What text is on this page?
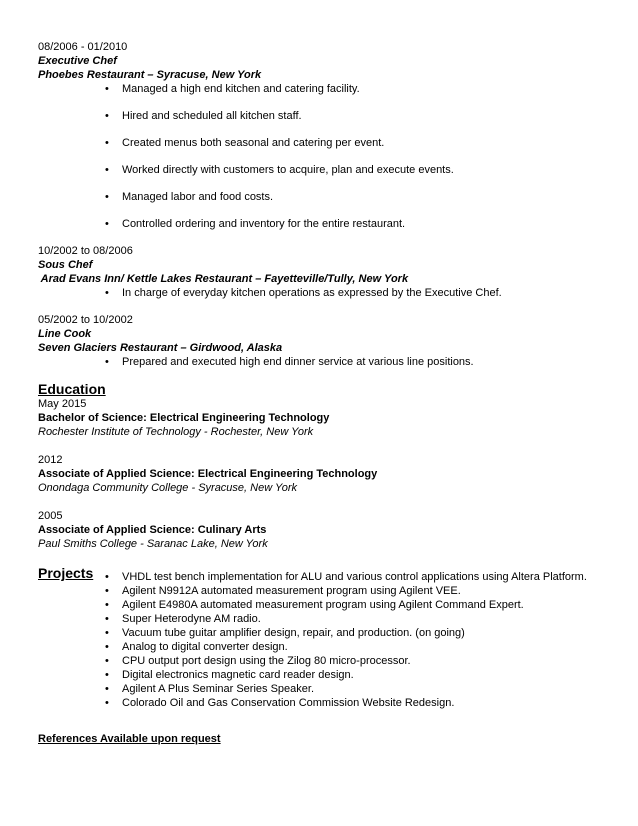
08/2006 - 01/2010
Executive Chef
Phoebes Restaurant – Syracuse, New York
• Managed a high end kitchen and catering facility.
• Hired and scheduled all kitchen staff.
• Created menus both seasonal and catering per event.
• Worked directly with customers to acquire, plan and execute events.
• Managed labor and food costs.
• Controlled ordering and inventory for the entire restaurant.
10/2002 to 08/2006
Sous Chef
Arad Evans Inn/ Kettle Lakes Restaurant – Fayetteville/Tully, New York
• In charge of everyday kitchen operations as expressed by the Executive Chef.
05/2002 to 10/2002
Line Cook
Seven Glaciers Restaurant – Girdwood, Alaska
• Prepared and executed high end dinner service at various line positions.
Education
May 2015
Bachelor of Science: Electrical Engineering Technology
Rochester Institute of Technology - Rochester, New York
2012
Associate of Applied Science: Electrical Engineering Technology
Onondaga Community College - Syracuse, New York
2005
Associate of Applied Science: Culinary Arts
Paul Smiths College - Saranac Lake, New York
Projects • VHDL test bench implementation for ALU and various control applications using Altera Platform.
• Agilent N9912A automated measurement program using Agilent VEE.
• Agilent E4980A automated measurement program using Agilent Command Expert.
• Super Heterodyne AM radio.
• Vacuum tube guitar amplifier design, repair, and production. (on going)
• Analog to digital converter design.
• CPU output port design using the Zilog 80 micro-processor.
• Digital electronics magnetic card reader design.
• Agilent A Plus Seminar Series Speaker.
• Colorado Oil and Gas Conservation Commission Website Redesign.
References Available upon request
